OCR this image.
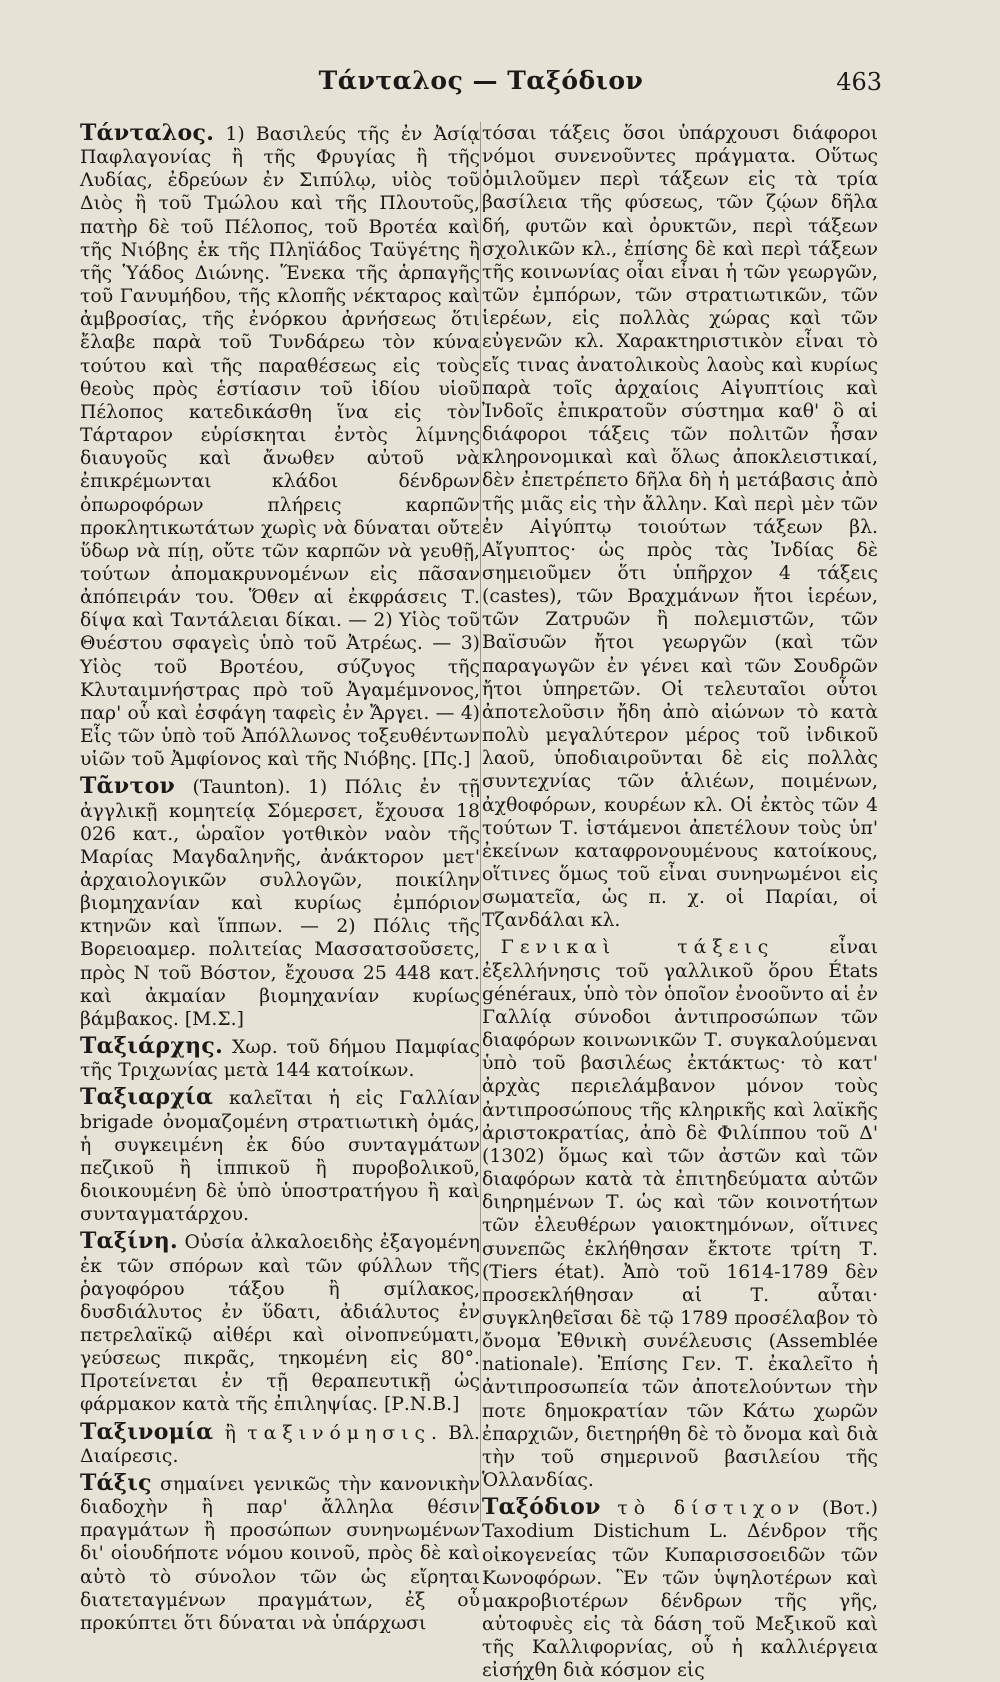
Τάνταλος — Ταξόδιον	463

Τάνταλος. 1) Βασιλεύς τῆς ἐν Ἀσίᾳ Παφλαγονίας ἢ τῆς Φρυγίας ἢ τῆς Λυδίας, ἐδρεύων ἐν Σιπύλῳ, υἱὸς τοῦ Διὸς ἢ τοῦ Τμώλου καὶ τῆς Πλουτοῦς, πατὴρ δὲ τοῦ Πέλοπος, τοῦ Βροτέα καὶ τῆς Νιόβης ἐκ τῆς Πληϊάδος Ταϋγέτης ἢ τῆς Ὑάδος Διώνης. Ἕνεκα τῆς ἁρπαγῆς τοῦ Γανυμήδου, τῆς κλοπῆς νέκταρος καὶ ἀμβροσίας, τῆς ἐνόρκου ἀρνήσεως ὅτι ἔλαβε παρὰ τοῦ Τυνδάρεω τὸν κύνα τούτου καὶ τῆς παραθέσεως εἰς τοὺς θεοὺς πρὸς ἑστίασιν τοῦ ἰδίου υἱοῦ Πέλοπος κατεδικάσθη ἵνα εἰς τὸν Τάρταρον εὑρίσκηται ἐντὸς λίμνης διαυγοῦς καὶ ἄνωθεν αὐτοῦ νὰ ἐπικρέμωνται κλάδοι δένδρων ὀπωροφόρων πλήρεις καρπῶν προκλητικωτάτων χωρὶς νὰ δύναται οὔτε ὕδωρ νὰ πίῃ, οὔτε τῶν καρπῶν νὰ γευθῇ, τούτων ἀπομακρυνομένων εἰς πᾶσαν ἀπόπειράν του. Ὅθεν αἱ ἐκφράσεις Τ. δίψα καὶ Ταντάλειαι δίκαι. — 2) Υἱὸς τοῦ Θυέστου σφαγεὶς ὑπὸ τοῦ Ἀτρέως. — 3) Υἱὸς τοῦ Βροτέου, σύζυγος τῆς Κλυταιμνήστρας πρὸ τοῦ Ἀγαμέμνονος, παρ' οὗ καὶ ἐσφάγη ταφεὶς ἐν Ἄργει. — 4) Εἷς τῶν ὑπὸ τοῦ Ἀπόλλωνος τοξευθέντων υἱῶν τοῦ Ἀμφίονος καὶ τῆς Νιόβης. [Πς.]

Τᾶντον (Taunton). 1) Πόλις ἐν τῇ ἀγγλικῇ κομητείᾳ Σόμερσετ, ἔχουσα 18 026 κατ., ὡραῖον γοτθικὸν ναὸν τῆς Μαρίας Μαγδαληνῆς, ἀνάκτορον μετ' ἀρχαιολογικῶν συλλογῶν, ποικίλην βιομηχανίαν καὶ κυρίως ἐμπόριον κτηνῶν καὶ ἵππων. — 2) Πόλις τῆς Βορειοαμερ. πολιτείας Μασσατσοῦσετς, πρὸς Ν τοῦ Βόστον, ἔχουσα 25 448 κατ. καὶ ἀκμαίαν βιομηχανίαν κυρίως βάμβακος. [Μ.Σ.]

Ταξιάρχης. Χωρ. τοῦ δήμου Παμφίας τῆς Τριχωνίας μετὰ 144 κατοίκων.

Ταξιαρχία καλεῖται ἡ εἰς Γαλλίαν brigade ὀνομαζομένη στρατιωτικὴ ὁμάς, ἡ συγκειμένη ἐκ δύο συνταγμάτων πεζικοῦ ἢ ἱππικοῦ ἢ πυροβολικοῦ, διοικουμένη δὲ ὑπὸ ὑποστρατήγου ἢ καὶ συνταγματάρχου.

Ταξίνη. Οὐσία ἀλκαλοειδὴς ἐξαγομένη ἐκ τῶν σπόρων καὶ τῶν φύλλων τῆς ῥαγοφόρου τάξου ἢ σμίλακος, δυσδιάλυτος ἐν ὕδατι, ἀδιάλυτος ἐν πετρελαϊκῷ αἰθέρι καὶ οἰνοπνεύματι, γεύσεως πικρᾶς, τηκομένη εἰς 80°. Προτείνεται ἐν τῇ θεραπευτικῇ ὡς φάρμακον κατὰ τῆς ἐπιληψίας. [Ρ.Ν.Β.]

Ταξινομία ἢ ταξινόμησις. Βλ. Διαίρεσις.

Τάξις σημαίνει γενικῶς τὴν κανονικὴν διαδοχὴν ἢ παρ' ἄλληλα θέσιν πραγμάτων ἢ προσώπων συνηνωμένων δι' οἱουδήποτε νόμου κοινοῦ, πρὸς δὲ καὶ αὐτὸ τὸ σύνολον τῶν ὡς εἴρηται διατεταγμένων πραγμάτων, ἐξ οὗ προκύπτει ὅτι δύναται νὰ ὑπάρχωσι

τόσαι τάξεις ὅσοι ὑπάρχουσι διάφοροι νόμοι συνενοῦντες πράγματα. Οὕτως ὁμιλοῦμεν περὶ τάξεων εἰς τὰ τρία βασίλεια τῆς φύσεως, τῶν ζῴων δῆλα δή, φυτῶν καὶ ὀρυκτῶν, περὶ τάξεων σχολικῶν κλ., ἐπίσης δὲ καὶ περὶ τάξεων τῆς κοινωνίας οἷαι εἶναι ἡ τῶν γεωργῶν, τῶν ἐμπόρων, τῶν στρατιωτικῶν, τῶν ἱερέων, εἰς πολλὰς χώρας καὶ τῶν εὐγενῶν κλ. Χαρακτηριστικὸν εἶναι τὸ εἴς τινας ἀνατολικοὺς λαοὺς καὶ κυρίως παρὰ τοῖς ἀρχαίοις Αἰγυπτίοις καὶ Ἰνδοῖς ἐπικρατοῦν σύστημα καθ' ὃ αἱ διάφοροι τάξεις τῶν πολιτῶν ἦσαν κληρονομικαὶ καὶ ὅλως ἀποκλειστικαί, δὲν ἐπετρέπετο δῆλα δὴ ἡ μετάβασις ἀπὸ τῆς μιᾶς εἰς τὴν ἄλλην. Καὶ περὶ μὲν τῶν ἐν Αἰγύπτῳ τοιούτων τάξεων βλ. Αἴγυπτος· ὡς πρὸς τὰς Ἰνδίας δὲ σημειοῦμεν ὅτι ὑπῆρχον 4 τάξεις (castes), τῶν Βραχμάνων ἤτοι ἱερέων, τῶν Ζατρυῶν ἢ πολεμιστῶν, τῶν Βαϊσυῶν ἤτοι γεωργῶν (καὶ τῶν παραγωγῶν ἐν γένει καὶ τῶν Σουδρῶν ἤτοι ὑπηρετῶν. Οἱ τελευταῖοι οὗτοι ἀποτελοῦσιν ἤδη ἀπὸ αἰώνων τὸ κατὰ πολὺ μεγαλύτερον μέρος τοῦ ἰνδικοῦ λαοῦ, ὑποδιαιροῦνται δὲ εἰς πολλὰς συντεχνίας τῶν ἁλιέων, ποιμένων, ἀχθοφόρων, κουρέων κλ. Οἱ ἐκτὸς τῶν 4 τούτων Τ. ἱστάμενοι ἀπετέλουν τοὺς ὑπ' ἐκείνων καταφρονουμένους κατοίκους, οἵτινες ὅμως τοῦ εἶναι συνηνωμένοι εἰς σωματεῖα, ὡς π. χ. οἱ Παρίαι, οἱ Τζανδάλαι κλ.

 Γενικαὶ τάξεις εἶναι ἐξελλήνησις τοῦ γαλλικοῦ ὅρου États généraux, ὑπὸ τὸν ὁποῖον ἐνοοῦντο αἱ ἐν Γαλλίᾳ σύνοδοι ἀντιπροσώπων τῶν διαφόρων κοινωνικῶν Τ. συγκαλούμεναι ὑπὸ τοῦ βασιλέως ἐκτάκτως· τὸ κατ' ἀρχὰς περιελάμβανον μόνον τοὺς ἀντιπροσώπους τῆς κληρικῆς καὶ λαϊκῆς ἀριστοκρατίας, ἀπὸ δὲ Φιλίππου τοῦ Δ' (1302) ὅμως καὶ τῶν ἀστῶν καὶ τῶν διαφόρων κατὰ τὰ ἐπιτηδεύματα αὐτῶν διηρημένων Τ. ὡς καὶ τῶν κοινοτήτων τῶν ἐλευθέρων γαιοκτημόνων, οἵτινες συνεπῶς ἐκλήθησαν ἔκτοτε τρίτη Τ. (Tiers état). Ἀπὸ τοῦ 1614-1789 δὲν προσεκλήθησαν αἱ Τ. αὗται· συγκληθεῖσαι δὲ τῷ 1789 προσέλαβον τὸ ὄνομα Ἐθνικὴ συνέλευσις (Assemblée nationale). Ἐπίσης Γεν. Τ. ἐκαλεῖτο ἡ ἀντιπροσωπεία τῶν ἀποτελούντων τὴν ποτε δημοκρατίαν τῶν Κάτω χωρῶν ἐπαρχιῶν, διετηρήθη δὲ τὸ ὄνομα καὶ διὰ τὴν τοῦ σημερινοῦ βασιλείου τῆς Ὁλλανδίας.

Ταξόδιον τὸ δίστιχον (Βοτ.) Taxodium Distichum L. Δένδρον τῆς οἰκογενείας τῶν Κυπαρισσοειδῶν τῶν Κωνοφόρων. Ἓν τῶν ὑψηλοτέρων καὶ μακροβιοτέρων δένδρων τῆς γῆς, αὐτοφυὲς εἰς τὰ δάση τοῦ Μεξικοῦ καὶ τῆς Καλλιφορνίας, οὗ ἡ καλλιέργεια εἰσήχθη διὰ κόσμον εἰς
